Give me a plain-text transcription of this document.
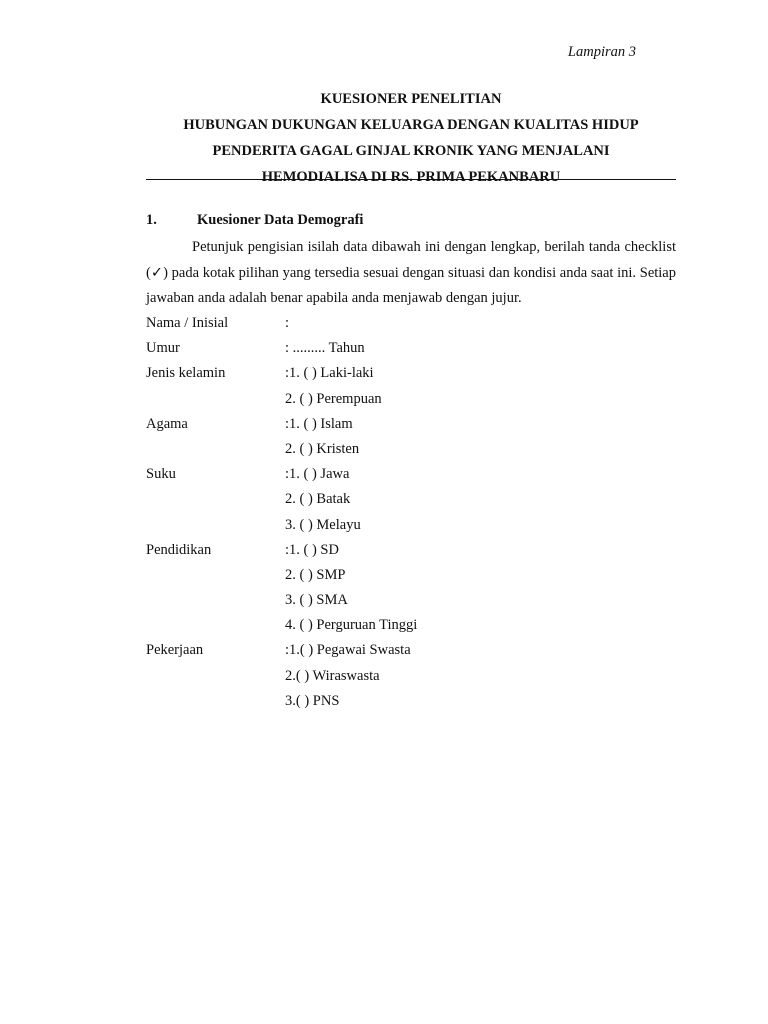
Lampiran 3
KUESIONER PENELITIAN
HUBUNGAN DUKUNGAN KELUARGA DENGAN KUALITAS HIDUP
PENDERITA GAGAL GINJAL KRONIK YANG MENJALANI
HEMODIALISA DI RS. PRIMA PEKANBARU
1.	Kuesioner Data Demografi
Petunjuk pengisian isilah data dibawah ini dengan lengkap, berilah tanda checklist (✓) pada kotak pilihan yang tersedia sesuai dengan situasi dan kondisi anda saat ini. Setiap jawaban anda adalah benar apabila anda menjawab dengan jujur.
Nama / Inisial	:
Umur	: ......... Tahun
Jenis kelamin	:1. ( ) Laki-laki
2. ( ) Perempuan
Agama	:1. ( ) Islam
2. ( ) Kristen
Suku	:1. ( ) Jawa
2. ( ) Batak
3. ( ) Melayu
Pendidikan	:1. ( ) SD
2. ( ) SMP
3. ( ) SMA
4. ( ) Perguruan Tinggi
Pekerjaan	:1.( ) Pegawai Swasta
2.( ) Wiraswasta
3.( ) PNS
